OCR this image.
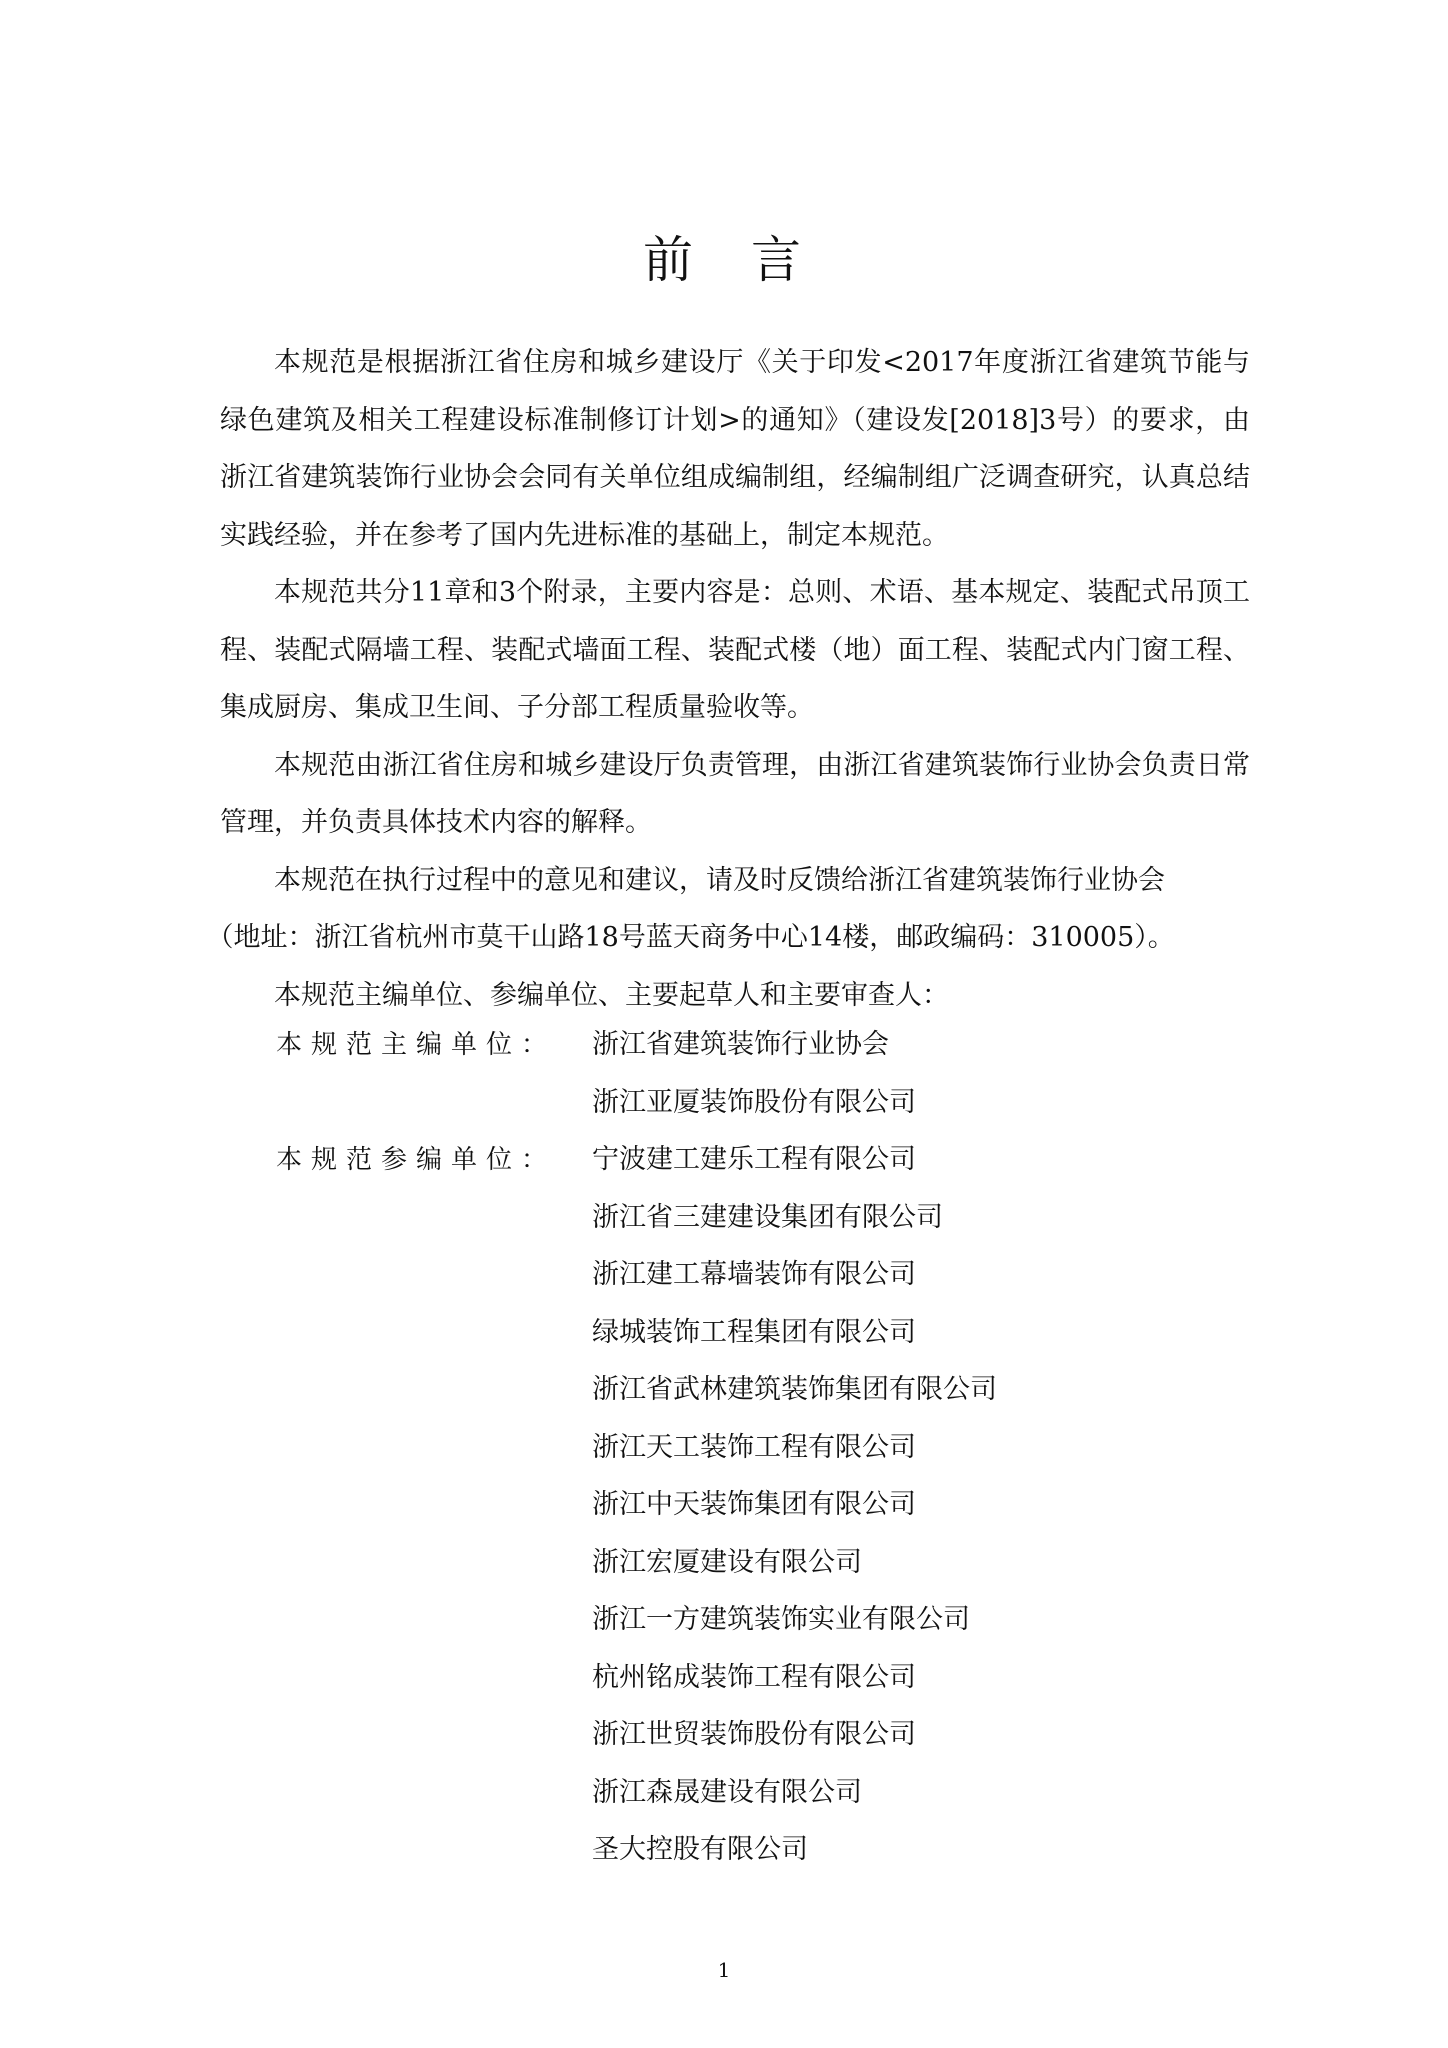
前　言

本规范是根据浙江省住房和城乡建设厅《关于印发<2017年度浙江省建筑节能与绿色建筑及相关工程建设标准制修订计划>的通知》（建设发[2018]3号）的要求，由浙江省建筑装饰行业协会会同有关单位组成编制组，经编制组广泛调查研究，认真总结实践经验，并在参考了国内先进标准的基础上，制定本规范。

本规范共分11章和3个附录，主要内容是：总则、术语、基本规定、装配式吊顶工程、装配式隔墙工程、装配式墙面工程、装配式楼（地）面工程、装配式内门窗工程、集成厨房、集成卫生间、子分部工程质量验收等。

本规范由浙江省住房和城乡建设厅负责管理，由浙江省建筑装饰行业协会负责日常管理，并负责具体技术内容的解释。

本规范在执行过程中的意见和建议，请及时反馈给浙江省建筑装饰行业协会

（地址：浙江省杭州市莫干山路18号蓝天商务中心14楼，邮政编码：310005）。

本规范主编单位、参编单位、主要起草人和主要审查人：

本规范主编单位：	浙江省建筑装饰行业协会
浙江亚厦装饰股份有限公司
本规范参编单位：	宁波建工建乐工程有限公司
浙江省三建建设集团有限公司
浙江建工幕墙装饰有限公司
绿城装饰工程集团有限公司
浙江省武林建筑装饰集团有限公司
浙江天工装饰工程有限公司
浙江中天装饰集团有限公司
浙江宏厦建设有限公司
浙江一方建筑装饰实业有限公司
杭州铭成装饰工程有限公司
浙江世贸装饰股份有限公司
浙江森晟建设有限公司
圣大控股有限公司
1
